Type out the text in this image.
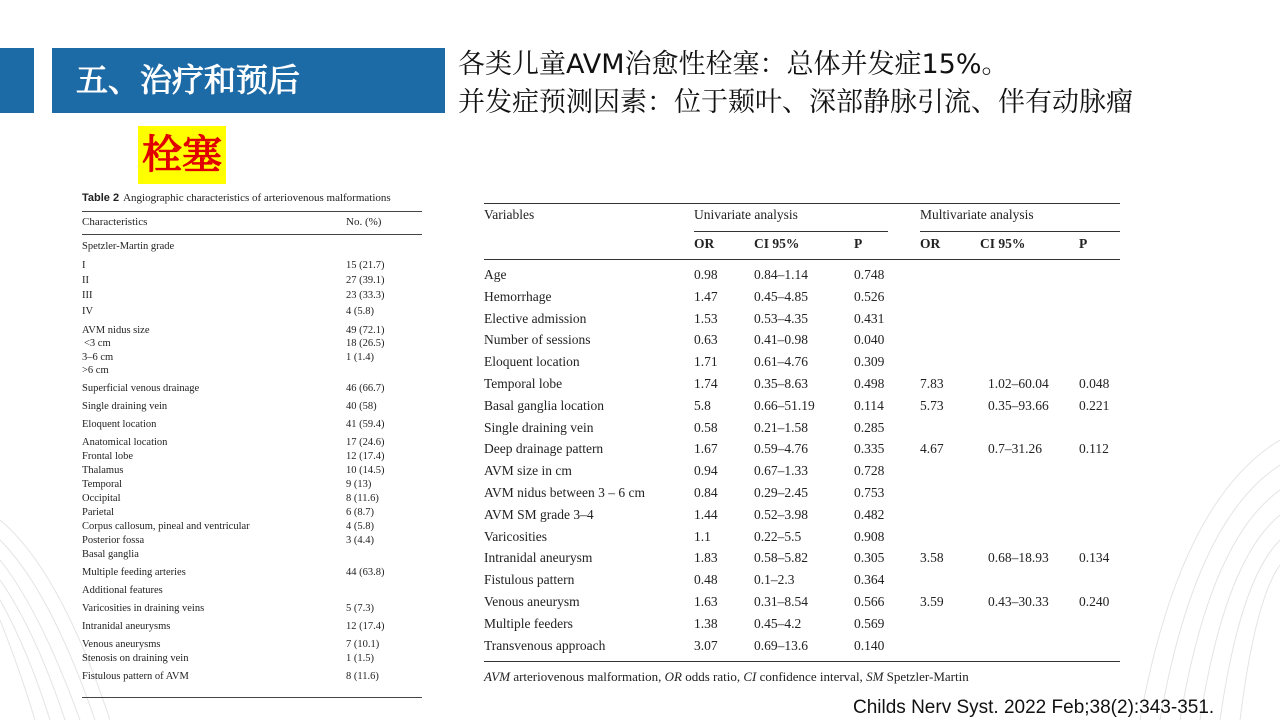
五、治疗和预后	各类儿童AVM治愈性栓塞：总体并发症15%。
并发症预测因素：位于颞叶、深部静脉引流、伴有动脉瘤
栓塞
Table 2 Angiographic characteristics of arteriovenous malformations
Characteristics	No. (%)
Spetzler-Martin grade
I	15 (21.7)
II	27 (39.1)
III	23 (33.3)
IV	4 (5.8)
AVM nidus size	49 (72.1)
<3 cm	18 (26.5)
3–6 cm	1 (1.4)
>6 cm
Superficial venous drainage	46 (66.7)
Single draining vein	40 (58)
Eloquent location	41 (59.4)
Anatomical location	17 (24.6)
Frontal lobe	12 (17.4)
Thalamus	10 (14.5)
Temporal	9 (13)
Occipital	8 (11.6)
Parietal	6 (8.7)
Corpus callosum, pineal and ventricular	4 (5.8)
Posterior fossa	3 (4.4)
Basal ganglia
Multiple feeding arteries	44 (63.8)
Additional features
Varicosities in draining veins	5 (7.3)
Intranidal aneurysms	12 (17.4)
Venous aneurysms	7 (10.1)
Stenosis on draining vein	1 (1.5)
Fistulous pattern of AVM	8 (11.6)
Variables	Univariate analysis	Multivariate analysis
OR	CI 95%	P	OR	CI 95%	P
Age	0.98	0.84–1.14	0.748
Hemorrhage	1.47	0.45–4.85	0.526
Elective admission	1.53	0.53–4.35	0.431
Number of sessions	0.63	0.41–0.98	0.040
Eloquent location	1.71	0.61–4.76	0.309
Temporal lobe	1.74	0.35–8.63	0.498	7.83	1.02–60.04 0.048
Basal ganglia location	5.8	0.66–51.19	0.114	5.73	0.35–93.66 0.221
Single draining vein	0.58	0.21–1.58	0.285
Deep drainage pattern	1.67	0.59–4.76	0.335	4.67	0.7–31.26	0.112
AVM size in cm	0.94	0.67–1.33	0.728
AVM nidus between 3 – 6 cm	0.84	0.29–2.45	0.753
AVM SM grade 3–4	1.44	0.52–3.98	0.482
Varicosities	1.1	0.22–5.5	0.908
Intranidal aneurysm	1.83	0.58–5.82	0.305	3.58	0.68–18.93 0.134
Fistulous pattern	0.48	0.1–2.3	0.364
Venous aneurysm	1.63	0.31–8.54	0.566	3.59	0.43–30.33 0.240
Multiple feeders	1.38	0.45–4.2	0.569
Transvenous approach	3.07	0.69–13.6	0.140
AVM arteriovenous malformation, OR odds ratio, CI confidence interval, SM Spetzler-Martin
Childs Nerv Syst. 2022 Feb;38(2):343-351.
